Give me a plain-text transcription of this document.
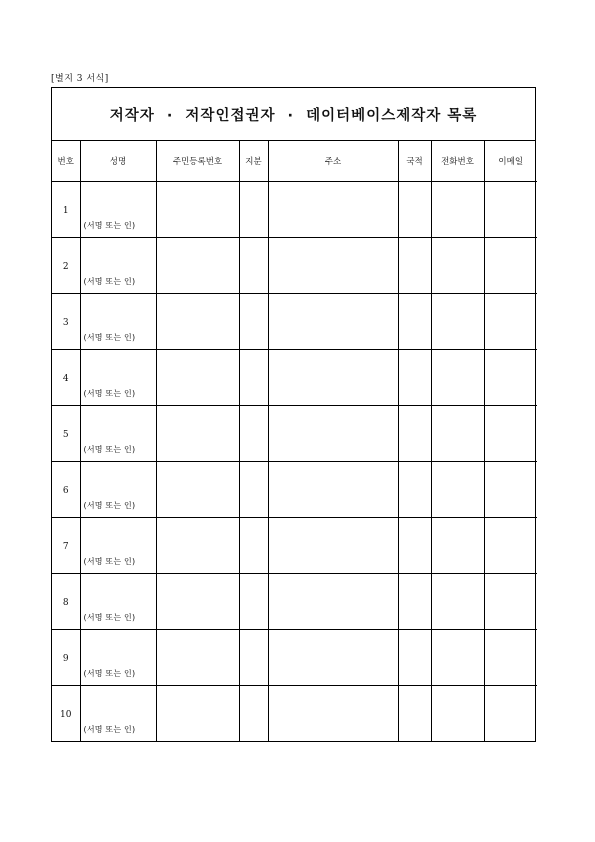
[별지 3 서식]
저작자  ·  저작인접권자  ·  데이터베이스제작자 목록
번호	성명	주민등록번호	지분	주소	국적	전화번호	이메일

1	(서명 또는 인)						

2	(서명 또는 인)						

3	(서명 또는 인)						

4	(서명 또는 인)						

5	(서명 또는 인)						

6	(서명 또는 인)						

7	(서명 또는 인)						

8	(서명 또는 인)						

9	(서명 또는 인)						

10	(서명 또는 인)						
